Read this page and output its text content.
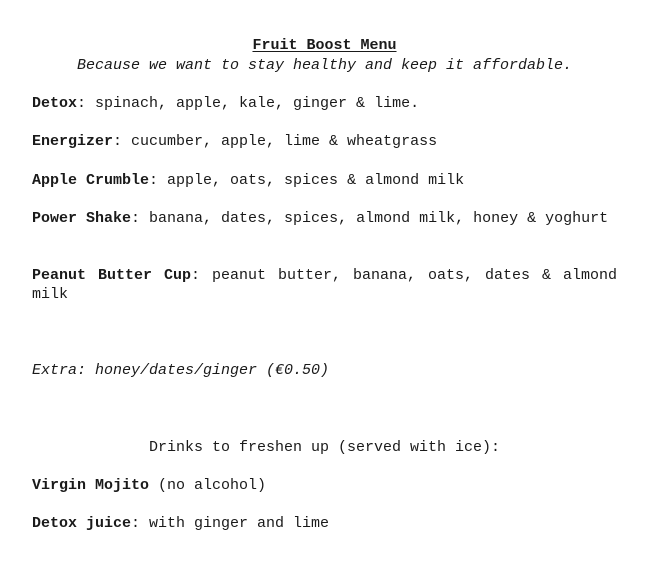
Fruit Boost Menu
Because we want to stay healthy and keep it affordable.

Detox: spinach, apple, kale, ginger & lime.

Energizer: cucumber, apple, lime & wheatgrass

Apple Crumble: apple, oats, spices & almond milk

Power Shake: banana, dates, spices, almond milk, honey & yoghurt

Peanut Butter Cup: peanut butter, banana, oats, dates & almond milk

Extra: honey/dates/ginger (€0.50)
Drinks to freshen up (served with ice):

Virgin Mojito (no alcohol)

Detox juice: with ginger and lime
